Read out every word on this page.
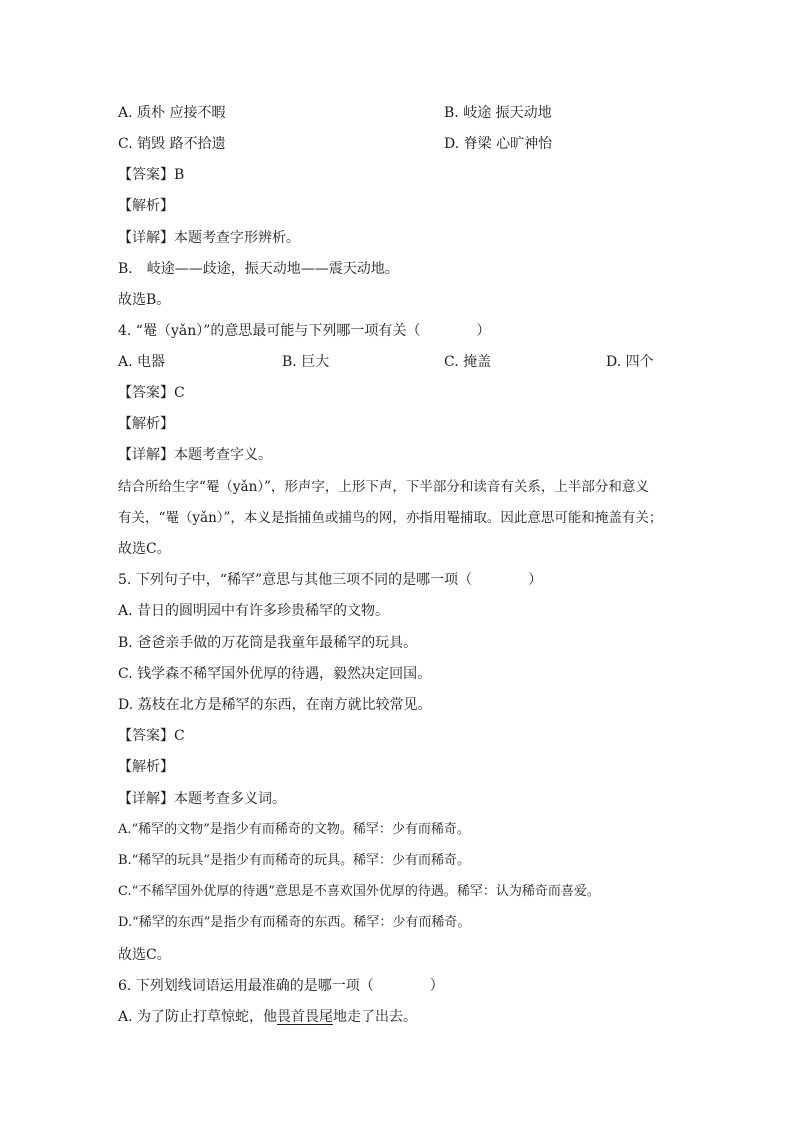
A. 质朴 应接不暇	B. 岐途 振天动地
C. 销毁 路不拾遗	D. 脊梁 心旷神怡
【答案】B
【解析】
【详解】本题考查字形辨析。
B． 岐途——歧途，振天动地——震天动地。
故选B。
4. “罨（yǎn）”的意思最可能与下列哪一项有关（　　　　）
A. 电器	B. 巨大	C. 掩盖	D. 四个
【答案】C
【解析】
【详解】本题考查字义。
结合所给生字“罨（yǎn）”，形声字，上形下声，下半部分和读音有关系，上半部分和意义
有关，“罨（yǎn）”，本义是指捕鱼或捕鸟的网，亦指用罨捕取。因此意思可能和掩盖有关；
故选C。
5. 下列句子中，“稀罕”意思与其他三项不同的是哪一项（　　　　）
A. 昔日的圆明园中有许多珍贵稀罕的文物。
B. 爸爸亲手做的万花筒是我童年最稀罕的玩具。
C. 钱学森不稀罕国外优厚的待遇，毅然决定回国。
D. 荔枝在北方是稀罕的东西，在南方就比较常见。
【答案】C
【解析】
【详解】本题考查多义词。
A.“稀罕的文物”是指少有而稀奇的文物。稀罕：少有而稀奇。
B.“稀罕的玩具”是指少有而稀奇的玩具。稀罕：少有而稀奇。
C.“不稀罕国外优厚的待遇”意思是不喜欢国外优厚的待遇。稀罕：认为稀奇而喜爱。
D.“稀罕的东西”是指少有而稀奇的东西。稀罕：少有而稀奇。
故选C。
6. 下列划线词语运用最准确的是哪一项（　　　　）
A. 为了防止打草惊蛇，他畏首畏尾地走了出去。
